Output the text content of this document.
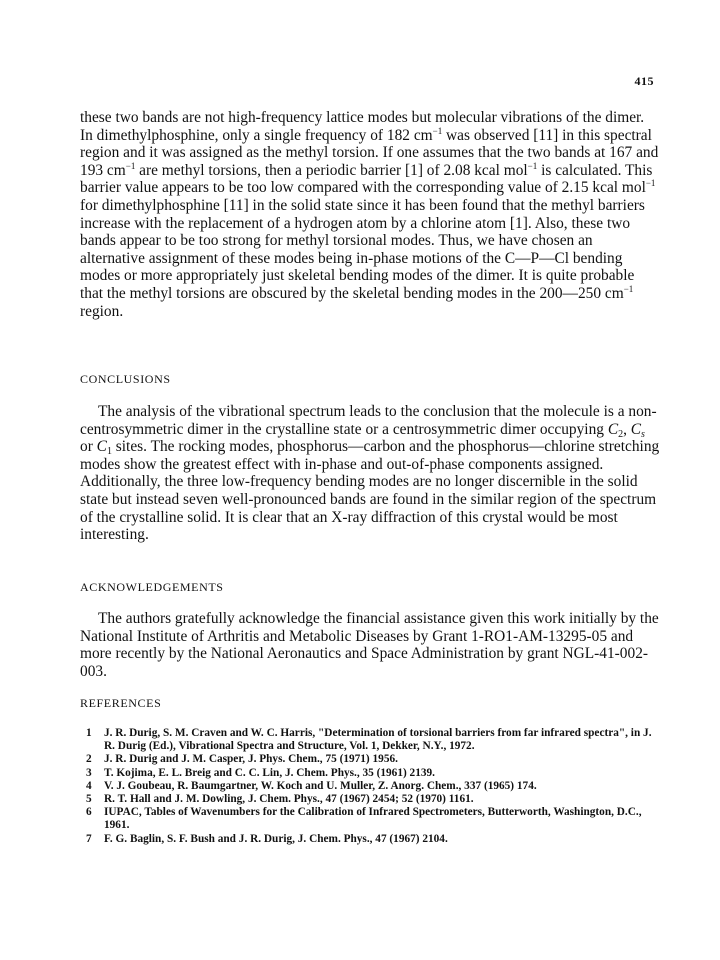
415

these two bands are not high-frequency lattice modes but molecular vibrations of the dimer. In dimethylphosphine, only a single frequency of 182 $cm^{-1}$ was observed [11] in this spectral region and it was assigned as the methyl torsion. If one assumes that the two bands at 167 and 193 $cm^{-1}$ are methyl torsions, then a periodic barrier [1] of 2.08 kcal mol$^{-1}$ is calculated. This barrier value appears to be too low compared with the corresponding value of 2.15 kcal mol$^{-1}$ for dimethylphosphine [11] in the solid state since it has been found that the methyl barriers increase with the replacement of a hydrogen atom by a chlorine atom [1]. Also, these two bands appear to be too strong for methyl torsional modes. Thus, we have chosen an alternative assignment of these modes being in-phase motions of the C—P—Cl bending modes or more appropriately just skeletal bending modes of the dimer. It is quite probable that the methyl torsions are obscured by the skeletal bending modes in the 200—250 $cm^{-1}$ region.

CONCLUSIONS

The analysis of the vibrational spectrum leads to the conclusion that the molecule is a non-centrosymmetric dimer in the crystalline state or a centrosymmetric dimer occupying $C_2$, $C_s$ or $C_1$ sites. The rocking modes, phosphorus—carbon and the phosphorus—chlorine stretching modes show the greatest effect with in-phase and out-of-phase components assigned. Additionally, the three low-frequency bending modes are no longer discernible in the solid state but instead seven well-pronounced bands are found in the similar region of the spectrum of the crystalline solid. It is clear that an X-ray diffraction of this crystal would be most interesting.

ACKNOWLEDGEMENTS

The authors gratefully acknowledge the financial assistance given this work initially by the National Institute of Arthritis and Metabolic Diseases by Grant 1-RO1-AM-13295-05 and more recently by the National Aeronautics and Space Administration by grant NGL-41-002-003.

REFERENCES
1 J. R. Durig, S. M. Craven and W. C. Harris, "Determination of torsional barriers from far infrared spectra", in J. R. Durig (Ed.), Vibrational Spectra and Structure, Vol. 1, Dekker, N.Y., 1972.
2 J. R. Durig and J. M. Casper, J. Phys. Chem., 75 (1971) 1956.
3 T. Kojima, E. L. Breig and C. C. Lin, J. Chem. Phys., 35 (1961) 2139.
4 V. J. Goubeau, R. Baumgartner, W. Koch and U. Muller, Z. Anorg. Chem., 337 (1965) 174.
5 R. T. Hall and J. M. Dowling, J. Chem. Phys., 47 (1967) 2454; 52 (1970) 1161.
6 IUPAC, Tables of Wavenumbers for the Calibration of Infrared Spectrometers, Butterworth, Washington, D.C., 1961.
7 F. G. Baglin, S. F. Bush and J. R. Durig, J. Chem. Phys., 47 (1967) 2104.
